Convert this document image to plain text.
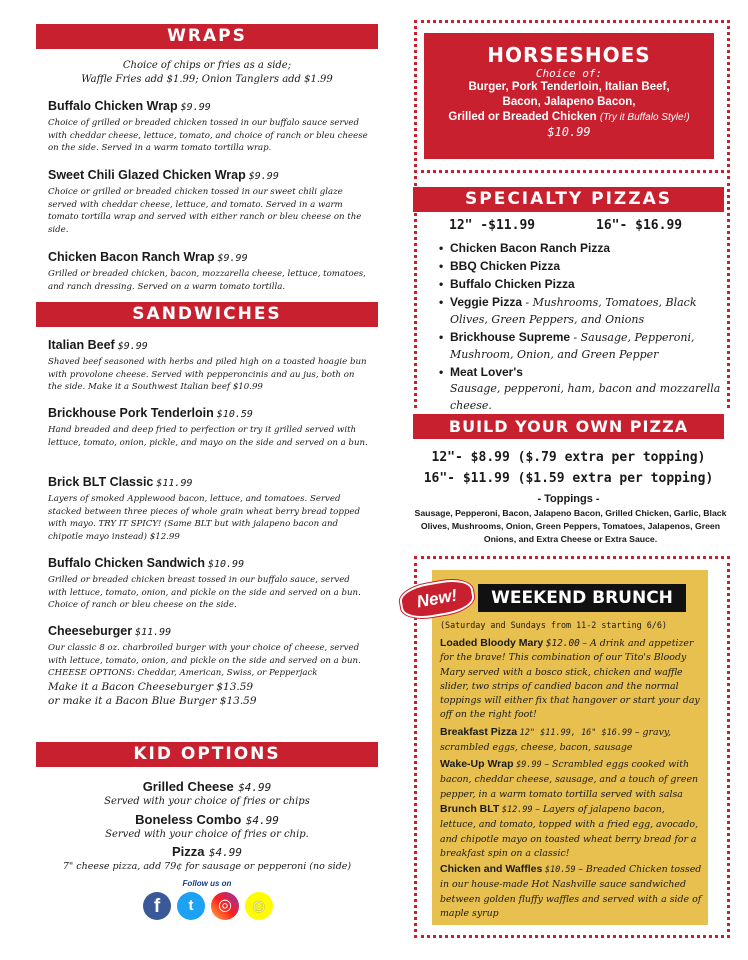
WRAPS
Choice of chips or fries as a side;
Waffle Fries add $1.99; Onion Tanglers add $1.99
Buffalo Chicken Wrap $9.99
Choice of grilled or breaded chicken tossed in our buffalo sauce served with cheddar cheese, lettuce, tomato, and choice of ranch or bleu cheese on the side. Served in a warm tomato tortilla wrap.
Sweet Chili Glazed Chicken Wrap $9.99
Choice or grilled or breaded chicken tossed in our sweet chili glaze served with cheddar cheese, lettuce, and tomato. Served in a warm tomato tortilla wrap and served with either ranch or bleu cheese on the side.
Chicken Bacon Ranch Wrap $9.99
Grilled or breaded chicken, bacon, mozzarella cheese, lettuce, tomatoes, and ranch dressing. Served on a warm tomato tortilla.
SANDWICHES
Italian Beef $9.99
Shaved beef seasoned with herbs and piled high on a toasted hoagie bun with provolone cheese. Served with pepperoncinis and au jus, both on the side. Make it a Southwest Italian beef $10.99
Brickhouse Pork Tenderloin $10.59
Hand breaded and deep fried to perfection or try it grilled served with lettuce, tomato, onion, pickle, and mayo on the side and served on a bun.
Brick BLT Classic $11.99
Layers of smoked Applewood bacon, lettuce, and tomatoes. Served stacked between three pieces of whole grain wheat berry bread topped with mayo. TRY IT SPICY! (Same BLT but with jalapeno bacon and chipotle mayo instead) $12.99
Buffalo Chicken Sandwich $10.99
Grilled or breaded chicken breast tossed in our buffalo sauce, served with lettuce, tomato, onion, and pickle on the side and served on a bun. Choice of ranch or bleu cheese on the side.
Cheeseburger $11.99
Our classic 8 oz. charbroiled burger with your choice of cheese, served with lettuce, tomato, onion, and pickle on the side and served on a bun. CHEESE OPTIONS: Cheddar, American, Swiss, or Pepperjack
Make it a Bacon Cheeseburger $13.59
or make it a Bacon Blue Burger $13.59
KID OPTIONS
Grilled Cheese $4.99
Served with your choice of fries or chips
Boneless Combo $4.99
Served with your choice of fries or chip.
Pizza $4.99
7" cheese pizza, add 79¢ for sausage or pepperoni (no side)
Follow us on
f	t	◎ ☺
HORSESHOES
Choice of:
Burger, Pork Tenderloin, Italian Beef,
Bacon, Jalapeno Bacon,
Grilled or Breaded Chicken (Try it Buffalo Style!)
$10.99
SPECIALTY PIZZAS
12" -$11.99	16"- $16.99
• Chicken Bacon Ranch Pizza
• BBQ Chicken Pizza
• Buffalo Chicken Pizza
• Veggie Pizza - Mushrooms, Tomatoes, Black Olives, Green Peppers, and Onions
• Brickhouse Supreme - Sausage, Pepperoni, Mushroom, Onion, and Green Pepper
• Meat Lover's
Sausage, pepperoni, ham, bacon and mozzarella cheese.
BUILD YOUR OWN PIZZA
12"- $8.99 ($.79 extra per topping)
16"- $11.99 ($1.59 extra per topping)
- Toppings -
Sausage, Pepperoni, Bacon, Jalapeno Bacon, Grilled Chicken, Garlic, Black Olives, Mushrooms, Onion, Green Peppers, Tomatoes, Jalapenos, Green Onions, and Extra Cheese or Extra Sauce.
WEEKEND BRUNCH
New!
(Saturday and Sundays from 11-2 starting 6/6)
Loaded Bloody Mary $12.00 – A drink and appetizer for the brave! This combination of our Tito's Bloody Mary served with a bosco stick, chicken and waffle slider, two strips of candied bacon and the normal toppings will either fix that hangover or start your day off on the right foot!
Breakfast Pizza 12" $11.99, 16" $16.99 – gravy, scrambled eggs, cheese, bacon, sausage
Wake-Up Wrap $9.99 – Scrambled eggs cooked with bacon, cheddar cheese, sausage, and a touch of green pepper, in a warm tomato tortilla served with salsa
Brunch BLT $12.99 – Layers of jalapeno bacon, lettuce, and tomato, topped with a fried egg, avocado, and chipotle mayo on toasted wheat berry bread for a breakfast spin on a classic!
Chicken and Waffles $10.59 – Breaded Chicken tossed in our house-made Hot Nashville sauce sandwiched between golden fluffy waffles and served with a side of maple syrup
